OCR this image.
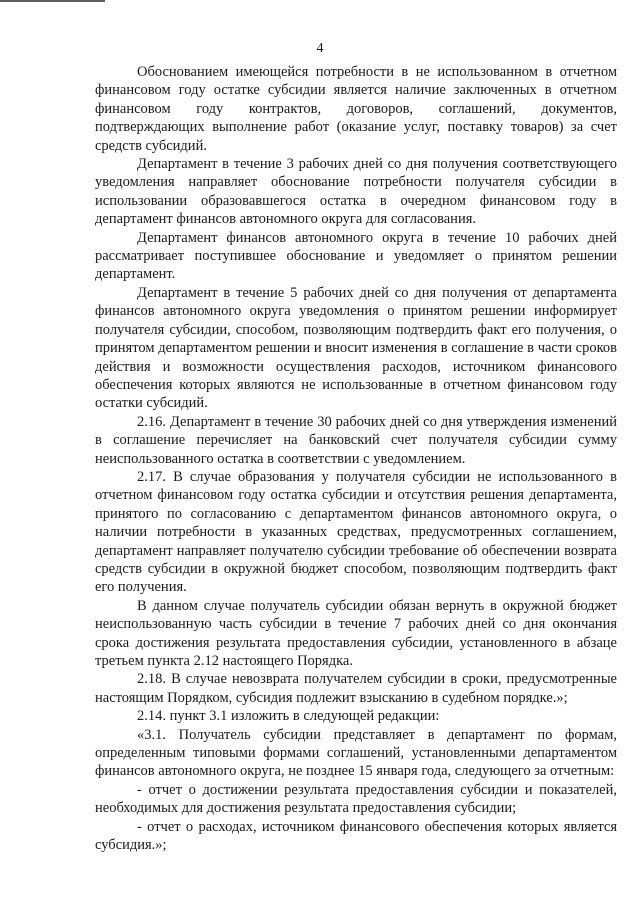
4

Обоснованием имеющейся потребности в не использованном в отчетном финансовом году остатке субсидии является наличие заключенных в отчетном финансовом году контрактов, договоров, соглашений, документов, подтверждающих выполнение работ (оказание услуг, поставку товаров) за счет средств субсидий.

Департамент в течение 3 рабочих дней со дня получения соответствующего уведомления направляет обоснование потребности получателя субсидии в использовании образовавшегося остатка в очередном финансовом году в департамент финансов автономного округа для согласования.

Департамент финансов автономного округа в течение 10 рабочих дней рассматривает поступившее обоснование и уведомляет о принятом решении департамент.

Департамент в течение 5 рабочих дней со дня получения от департамента финансов автономного округа уведомления о принятом решении информирует получателя субсидии, способом, позволяющим подтвердить факт его получения, о принятом департаментом решении и вносит изменения в соглашение в части сроков действия и возможности осуществления расходов, источником финансового обеспечения которых являются не использованные в отчетном финансовом году остатки субсидий.

2.16. Департамент в течение 30 рабочих дней со дня утверждения изменений в соглашение перечисляет на банковский счет получателя субсидии сумму неиспользованного остатка в соответствии с уведомлением.

2.17. В случае образования у получателя субсидии не использованного в отчетном финансовом году остатка субсидии и отсутствия решения департамента, принятого по согласованию с департаментом финансов автономного округа, о наличии потребности в указанных средствах, предусмотренных соглашением, департамент направляет получателю субсидии требование об обеспечении возврата средств субсидии в окружной бюджет способом, позволяющим подтвердить факт его получения.

В данном случае получатель субсидии обязан вернуть в окружной бюджет неиспользованную часть субсидии в течение 7 рабочих дней со дня окончания срока достижения результата предоставления субсидии, установленного в абзаце третьем пункта 2.12 настоящего Порядка.

2.18. В случае невозврата получателем субсидии в сроки, предусмотренные настоящим Порядком, субсидия подлежит взысканию в судебном порядке.»;

2.14. пункт 3.1 изложить в следующей редакции:

«3.1. Получатель субсидии представляет в департамент по формам, определенным типовыми формами соглашений, установленными департаментом финансов автономного округа, не позднее 15 января года, следующего за отчетным:

- отчет о достижении результата предоставления субсидии и показателей, необходимых для достижения результата предоставления субсидии;

- отчет о расходах, источником финансового обеспечения которых является субсидия.»;
